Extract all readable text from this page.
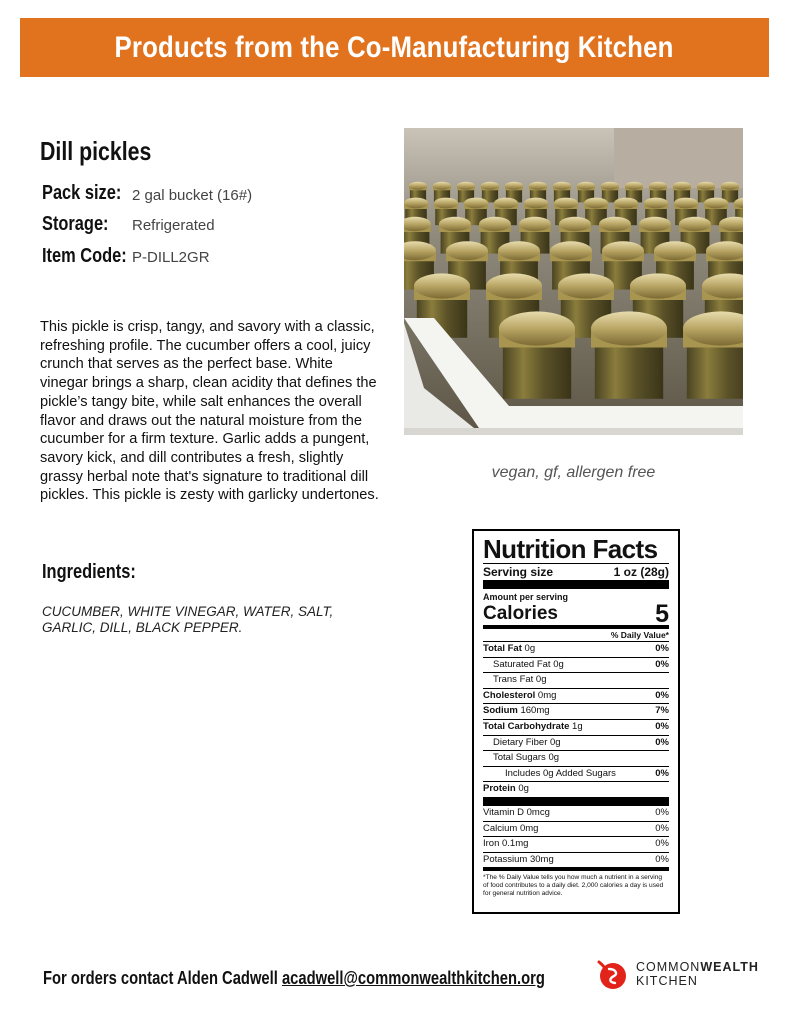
Products from the Co-Manufacturing Kitchen
Dill pickles
Pack size: 2 gal bucket (16#)
Storage:	Refrigerated
Item Code: P-DILL2GR
This pickle is crisp, tangy, and savory with a classic, refreshing profile. The cucumber offers a cool, juicy crunch that serves as the perfect base. White vinegar brings a sharp, clean acidity that defines the pickle’s tangy bite, while salt enhances the overall flavor and draws out the natural moisture from the cucumber for a firm texture. Garlic adds a pungent, savory kick, and dill contributes a fresh, slightly grassy herbal note that's signature to traditional dill pickles. This pickle is zesty with garlicky undertones.
Ingredients:
CUCUMBER, WHITE VINEGAR, WATER, SALT, GARLIC, DILL, BLACK PEPPER.
vegan, gf, allergen free
Nutrition Facts
Serving size	1 oz (28g)
Amount per serving
Calories	5
% Daily Value*
Total Fat 0g	0%
Saturated Fat 0g	0%
Trans Fat 0g
Cholesterol 0mg	0%
Sodium 160mg	7%
Total Carbohydrate 1g	0%
Dietary Fiber 0g	0%
Total Sugars 0g
Includes 0g Added Sugars	0%
Protein 0g
Vitamin D 0mcg	0%
Calcium 0mg	0%
Iron 0.1mg	0%
Potassium 30mg	0%
*The % Daily Value tells you how much a nutrient in a serving of food contributes to a daily diet. 2,000 calories a day is used for general nutrition advice.
For orders contact Alden Cadwell acadwell@commonwealthkitchen.org
COMMONWEALTH
KITCHEN
